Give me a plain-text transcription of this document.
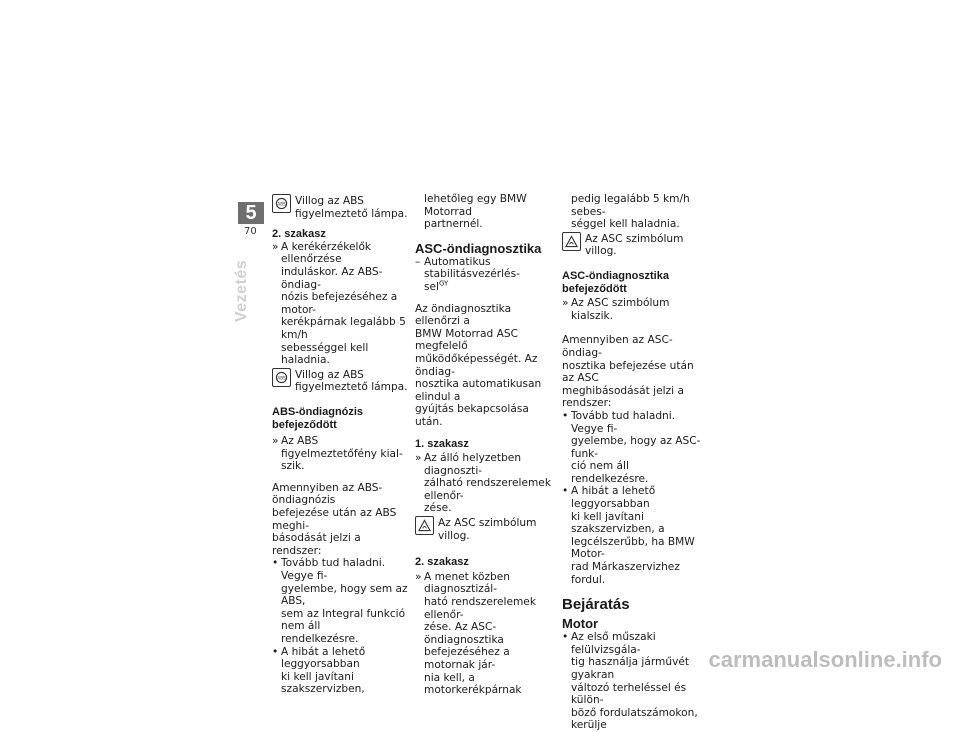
5
70
Vezetés
ABS Villog az ABS figyelmeztető lámpa.

2. szakasz

» A kerékérzékelők ellenőrzése
induláskor. Az ABS-öndiag-
nózis befejezéséhez a motor-
kerékpárnak legalább 5 km/h
sebességgel kell haladnia.
ABS Villog az ABS figyelmeztető lámpa.

ABS-öndiagnózis befejeződött

» Az ABS figyelmeztetőfény kial-
szik.
Amennyiben az ABS-öndiagnózis
befejezése után az ABS meghi-
básodását jelzi a rendszer:
• Tovább tud haladni. Vegye fi-
gyelembe, hogy sem az ABS,
sem az Integral funkció nem áll
rendelkezésre.
• A hibát a lehető leggyorsabban
ki kell javítani szakszervizben,
lehetőleg egy BMW Motorrad
partnernél.

ASC-öndiagnosztika

– Automatikus stabilitásvezérlés-
sel$^{GY}$
Az öndiagnosztika ellenőrzi a
BMW Motorrad ASC megfelelő
működőképességét. Az öndiag-
nosztika automatikusan elindul a
gyújtás bekapcsolása után.

1. szakasz

» Az álló helyzetben diagnoszti-
zálható rendszerelemek ellenőr-
zése.
Az ASC szimbólum villog.

2. szakasz

» A menet közben diagnosztizál-
ható rendszerelemek ellenőr-
zése. Az ASC-öndiagnosztika
befejezéséhez a motornak jár-
nia kell, a motorkerékpárnak
pedig legalább 5 km/h sebes-
séggel kell haladnia.
Az ASC szimbólum villog.

ASC-öndiagnosztika befejeződött

» Az ASC szimbólum kialszik.
Amennyiben az ASC-öndiag-
nosztika befejezése után az ASC
meghibásodását jelzi a rendszer:
• Tovább tud haladni. Vegye fi-
gyelembe, hogy az ASC-funk-
ció nem áll rendelkezésre.
• A hibát a lehető leggyorsabban
ki kell javítani szakszervizben, a
legcélszerűbb, ha BMW Motor-
rad Márkaszervizhez fordul.

Bejáratás

Motor

• Az első műszaki felülvizsgála-
tig használja járművét gyakran
változó terheléssel és külön-
böző fordulatszámokon, kerülje
carmanualsonline.info
